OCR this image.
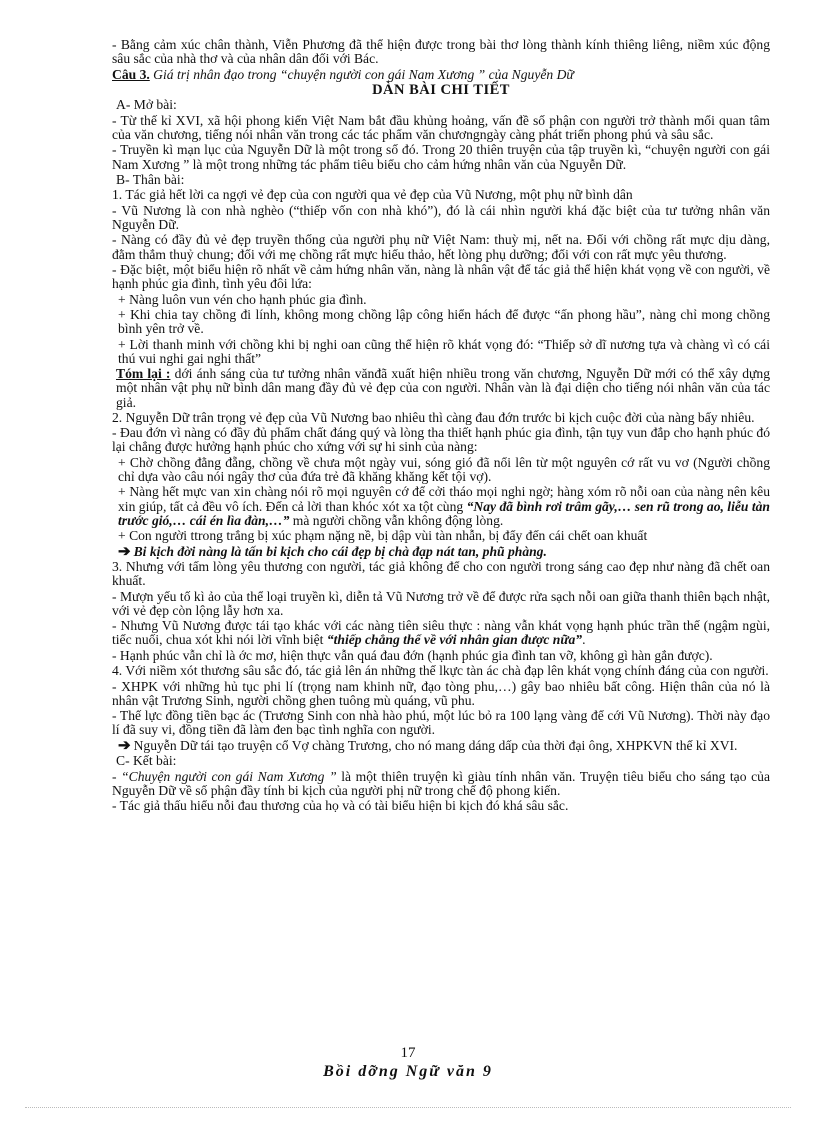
- Bằng cảm xúc chân thành, Viễn Phương đã thể hiện được trong bài thơ lòng thành kính thiêng liêng, niềm xúc động sâu sắc của nhà thơ và của nhân dân đối với Bác.

Câu 3. Giá trị nhân đạo trong “chuyện người con gái Nam Xương ” của Nguyễn Dữ

DÀN BÀI CHI TIẾT

A- Mở bài:

- Từ thế kỉ XVI, xã hội phong kiến Việt Nam bắt đầu khủng hoảng, vấn đề số phận con người trở thành mối quan tâm của văn chương, tiếng nói nhân văn trong các tác phẩm văn chươngngày càng phát triển phong phú và sâu sắc.

- Truyền kì mạn lục của Nguyễn Dữ là một trong số đó. Trong 20 thiên truyện của tập truyền kì, “chuyện người con gái Nam Xương ” là một trong những tác phẩm tiêu biểu cho cảm hứng nhân văn của Nguyễn Dữ.

B- Thân bài:

1. Tác giả hết lời ca ngợi vẻ đẹp của con người qua vẻ đẹp của Vũ Nương, một phụ nữ bình dân

- Vũ Nương là con nhà nghèo (“thiếp vốn con nhà khó”), đó là cái nhìn người khá đặc biệt của tư tưởng nhân văn Nguyễn Dữ.

- Nàng có đầy đủ vẻ đẹp truyền thống của người phụ nữ Việt Nam: thuỳ mị, nết na. Đối với chồng rất mực dịu dàng, đằm thắm thuỷ chung; đối với mẹ chồng rất mực hiếu thảo, hết lòng phụ dưỡng; đối với con rất mực yêu thương.

- Đặc biệt, một biểu hiện rõ nhất về cảm hứng nhân văn, nàng là nhân vật để tác giả thể hiện khát vọng về con người, về hạnh phúc gia đình, tình yêu đôi lứa:

+ Nàng luôn vun vén cho hạnh phúc gia đình.

+ Khi chia tay chồng đi lính, không mong chồng lập công hiển hách để được “ấn phong hầu”, nàng chỉ mong chồng bình yên trở về.

+ Lời thanh minh với chồng khi bị nghi oan cũng thể hiện rõ khát vọng đó: “Thiếp sở dĩ nương tựa và chàng vì có cái thú vui nghi gai nghi thất”

Tóm lại : dới ánh sáng của tư tưởng nhân vănđã xuất hiện nhiều trong văn chương, Nguyễn Dữ mới có thể xây dựng một nhân vật phụ nữ bình dân mang đầy đủ vẻ đẹp của con người. Nhân vàn là đại diện cho tiếng nói nhân văn của tác giả.

2. Nguyễn Dữ trân trọng vẻ đẹp của Vũ Nương bao nhiêu thì càng đau đớn trước bi kịch cuộc đời của nàng bấy nhiêu.

- Đau đớn vì nàng có đầy đủ phẩm chất đáng quý và lòng tha thiết hạnh phúc gia đình, tận tụy vun đắp cho hạnh phúc đó lại chẳng được hưởng hạnh phúc cho xứng với sự hi sinh của nàng:

+ Chờ chồng đằng đẵng, chồng về chưa một ngày vui, sóng gió đã nổi lên từ một nguyên cớ rất vu vơ (Người chồng chỉ dựa vào câu nói ngây thơ của đứa trẻ đã khăng khăng kết tội vợ).

+ Nàng hết mực van xin chàng nói rõ mọi nguyên cớ để cởi tháo mọi nghi ngờ; hàng xóm rõ nỗi oan của nàng nên kêu xin giúp, tất cả đều vô ích. Đến cả lời than khóc xót xa tột cùng “Nay đã bình rơi trâm gãy,… sen rũ trong ao, liễu tàn trước gió,… cái én lìa đàn,…” mà người chồng vẫn không động lòng.

+ Con người ttrong trắng bị xúc phạm nặng nề, bị dập vùi tàn nhẫn, bị đẩy đến cái chết oan khuất

➔ Bi kịch đời nàng là tấn bi kịch cho cái đẹp bị chà đạp nát tan, phũ phàng.

3. Nhưng với tấm lòng yêu thương con người, tác giả không để cho con người trong sáng cao đẹp như nàng đã chết oan khuất.

- Mượn yếu tố kì ảo của thể loại truyền kì, diễn tả Vũ Nương trở về để được rửa sạch nỗi oan giữa thanh thiên bạch nhật, với vẻ đẹp còn lộng lẫy hơn xa.

- Nhưng Vũ Nương được tái tạo khác với các nàng tiên siêu thực : nàng vẫn khát vọng hạnh phúc trần thế (ngậm ngùi, tiếc nuối, chua xót khi nói lời vĩnh biệt “thiếp chẳng thể về với nhân gian được nữa”.

- Hạnh phúc vẫn chỉ là ớc mơ, hiện thực vẫn quá đau đớn (hạnh phúc gia đình tan vỡ, không gì hàn gắn được).

4. Với niềm xót thương sâu sắc đó, tác giả lên án những thế lkực tàn ác chà đạp lên khát vọng chính đáng của con người.

- XHPK với những hủ tục phi lí (trọng nam khinh nữ, đạo tòng phu,…) gây bao nhiêu bất công. Hiện thân của nó là nhân vật Trương Sinh, người chồng ghen tuông mù quáng, vũ phu.

- Thế lực đồng tiền bạc ác (Trương Sinh con nhà hào phú, một lúc bỏ ra 100 lạng vàng để cới Vũ Nương). Thời này đạo lí đã suy vi, đồng tiền đã làm đen bạc tình nghĩa con người.

➔ Nguyễn Dữ tái tạo truyện cổ Vợ chàng Trương, cho nó mang dáng dấp của thời đại ông, XHPKVN thế kỉ XVI.

C- Kết bài:

- “Chuyện người con gái Nam Xương ” là một thiên truyện kì giàu tính nhân văn. Truyện tiêu biểu cho sáng tạo của Nguyễn Dữ về số phận đầy tính bi kịch của người phị nữ trong chế độ phong kiến.

- Tác giả thấu hiểu nỗi đau thương của họ và có tài biểu hiện bi kịch đó khá sâu sắc.

17
Bồi dỡng Ngữ văn 9
